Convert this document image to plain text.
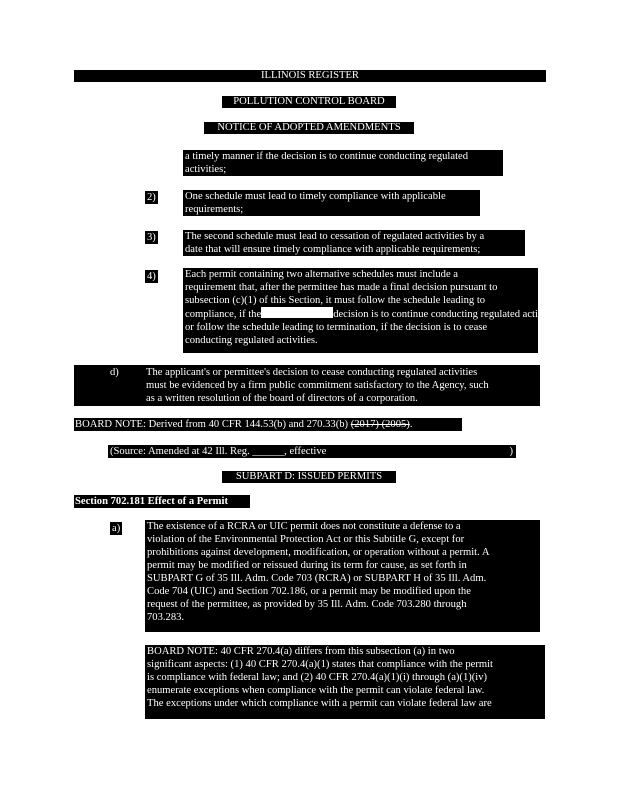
ILLINOIS REGISTER
POLLUTION CONTROL BOARD
NOTICE OF ADOPTED AMENDMENTS
a timely manner if the decision is to continue conducting regulated
activities;
2)	One schedule must lead to timely compliance with applicable
requirements;
3)	The second schedule must lead to cessation of regulated activities by a
date that will ensure timely compliance with applicable requirements;
4)	Each permit containing two alternative schedules must include a
requirement that, after the permittee has made a final decision pursuant to
subsection (c)(1) of this Section, it must follow the schedule leading to
compliance, if the	decision is to continue conducting regulated activities,
or follow the schedule leading to termination, if the decision is to cease
conducting regulated activities.
d)	The applicant's or permittee's decision to cease conducting regulated activities
must be evidenced by a firm public commitment satisfactory to the Agency, such
as a written resolution of the board of directors of a corporation.
BOARD NOTE: Derived from 40 CFR 144.53(b) and 270.33(b) (2017) (2005).
(Source: Amended at 42 Ill. Reg. ______, effective	)
SUBPART D: ISSUED PERMITS
Section 702.181 Effect of a Permit
a)	The existence of a RCRA or UIC permit does not constitute a defense to a
violation of the Environmental Protection Act or this Subtitle G, except for
prohibitions against development, modification, or operation without a permit. A
permit may be modified or reissued during its term for cause, as set forth in
SUBPART G of 35 Ill. Adm. Code 703 (RCRA) or SUBPART H of 35 Ill. Adm.
Code 704 (UIC) and Section 702.186, or a permit may be modified upon the
request of the permittee, as provided by 35 Ill. Adm. Code 703.280 through
703.283.
BOARD NOTE: 40 CFR 270.4(a) differs from this subsection (a) in two
significant aspects: (1) 40 CFR 270.4(a)(1) states that compliance with the permit
is compliance with federal law; and (2) 40 CFR 270.4(a)(1)(i) through (a)(1)(iv)
enumerate exceptions when compliance with the permit can violate federal law.
The exceptions under which compliance with a permit can violate federal law are
